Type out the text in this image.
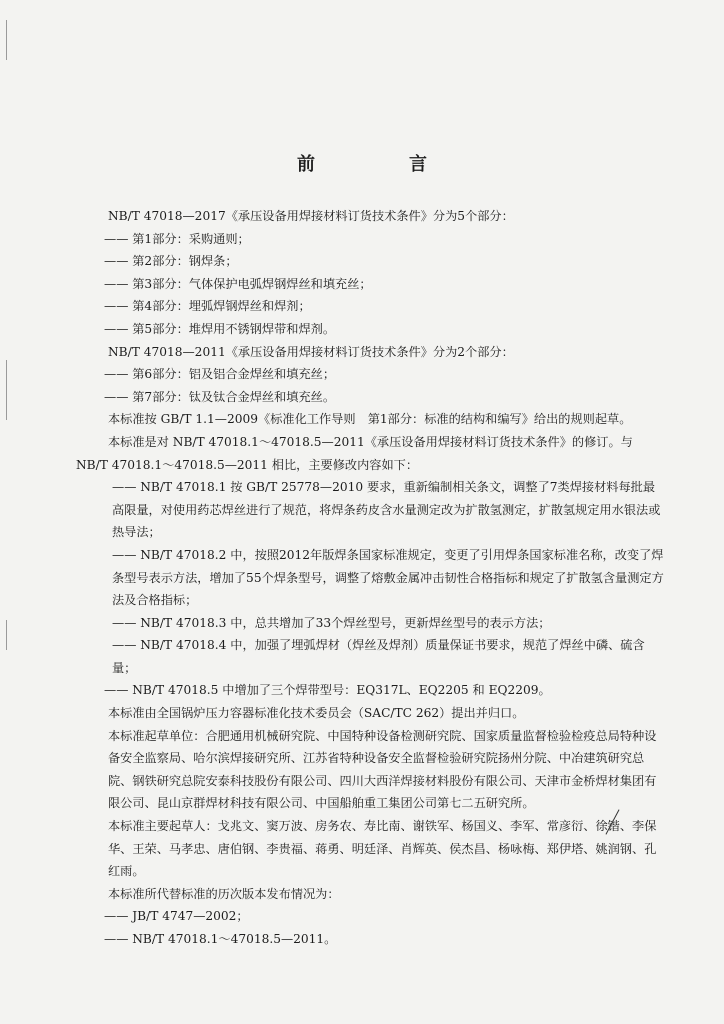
前　言
NB/T 47018—2017《承压设备用焊接材料订货技术条件》分为5个部分：
—— 第1部分：采购通则；
—— 第2部分：钢焊条；
—— 第3部分：气体保护电弧焊钢焊丝和填充丝；
—— 第4部分：埋弧焊钢焊丝和焊剂；
—— 第5部分：堆焊用不锈钢焊带和焊剂。
NB/T 47018—2011《承压设备用焊接材料订货技术条件》分为2个部分：
—— 第6部分：铝及铝合金焊丝和填充丝；
—— 第7部分：钛及钛合金焊丝和填充丝。
本标准按 GB/T 1.1—2009《标准化工作导则　第1部分：标准的结构和编写》给出的规则起草。
本标准是对 NB/T 47018.1～47018.5—2011《承压设备用焊接材料订货技术条件》的修订。与
NB/T 47018.1～47018.5—2011 相比，主要修改内容如下：
—— NB/T 47018.1 按 GB/T 25778—2010 要求，重新编制相关条文，调整了7类焊接材料每批最高限量，对使用药芯焊丝进行了规范，将焊条药皮含水量测定改为扩散氢测定，扩散氢规定用水银法或热导法；
—— NB/T 47018.2 中，按照2012年版焊条国家标准规定，变更了引用焊条国家标准名称，改变了焊条型号表示方法，增加了55个焊条型号，调整了熔敷金属冲击韧性合格指标和规定了扩散氢含量测定方法及合格指标；
—— NB/T 47018.3 中，总共增加了33个焊丝型号，更新焊丝型号的表示方法；
—— NB/T 47018.4 中，加强了埋弧焊材（焊丝及焊剂）质量保证书要求，规范了焊丝中磷、硫含量；
—— NB/T 47018.5 中增加了三个焊带型号：EQ317L、EQ2205 和 EQ2209。
本标准由全国锅炉压力容器标准化技术委员会（SAC/TC 262）提出并归口。
本标准起草单位：合肥通用机械研究院、中国特种设备检测研究院、国家质量监督检验检疫总局特种设备安全监察局、哈尔滨焊接研究所、江苏省特种设备安全监督检验研究院扬州分院、中冶建筑研究总院、钢铁研究总院安泰科技股份有限公司、四川大西洋焊接材料股份有限公司、天津市金桥焊材集团有限公司、昆山京群焊材科技有限公司、中国船舶重工集团公司第七二五研究所。
本标准主要起草人：戈兆文、窦万波、房务农、寿比南、谢铁军、杨国义、李军、常彦衍、徐锴、李保华、王荣、马孝忠、唐伯钢、李贵福、蒋勇、明廷泽、肖辉英、侯杰昌、杨咏梅、郑伊塔、姚润钢、孔红雨。
本标准所代替标准的历次版本发布情况为：
—— JB/T 4747—2002；
—— NB/T 47018.1～47018.5—2011。
